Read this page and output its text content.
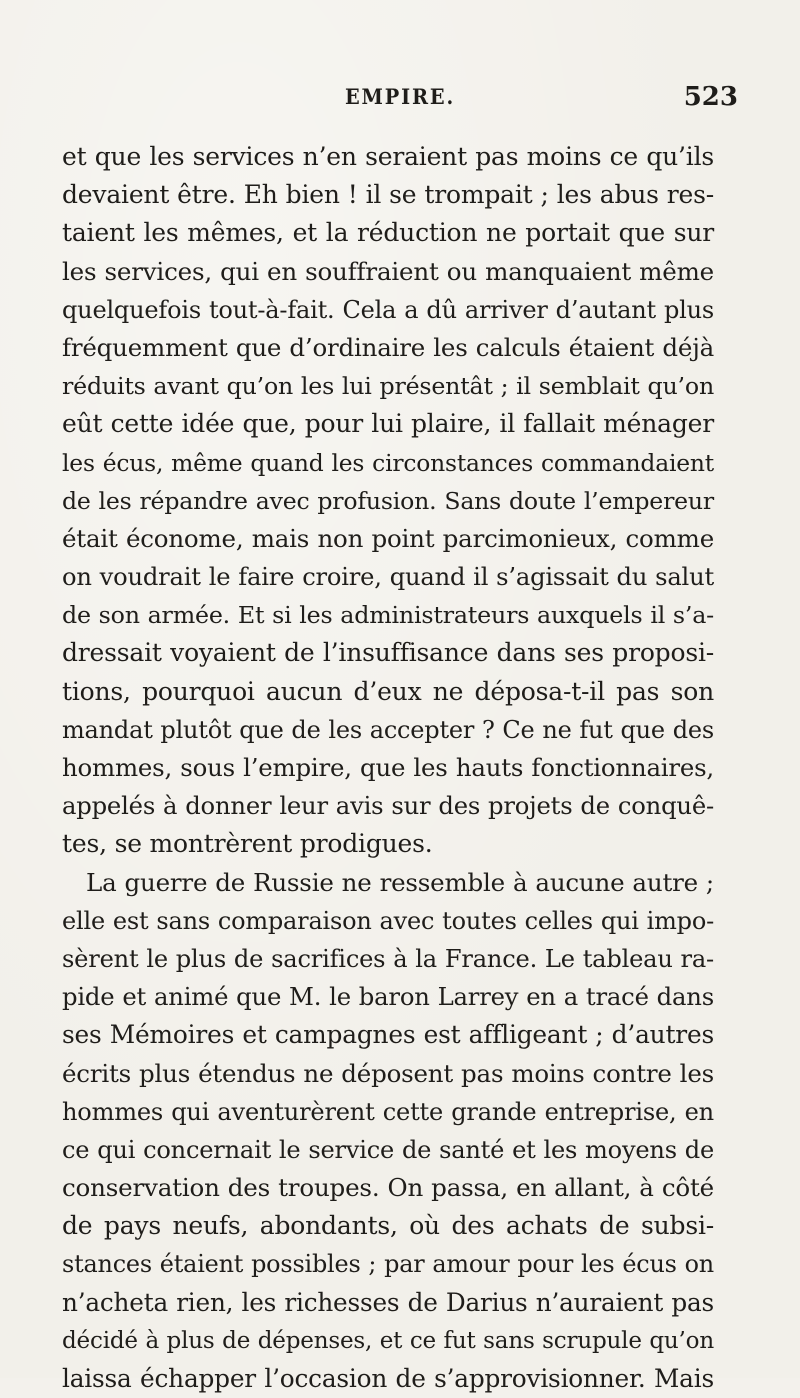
EMPIRE.	523
et que les services n’en seraient pas moins ce qu’ils
devaient être. Eh bien ! il se trompait ; les abus res-
taient les mêmes, et la réduction ne portait que sur
les services, qui en souffraient ou manquaient même
quelquefois tout-à-fait. Cela a dû arriver d’autant plus
fréquemment que d’ordinaire les calculs étaient déjà
réduits avant qu’on les lui présentât ; il semblait qu’on
eût cette idée que, pour lui plaire, il fallait ménager
les écus, même quand les circonstances commandaient
de les répandre avec profusion. Sans doute l’empereur
était économe, mais non point parcimonieux, comme
on voudrait le faire croire, quand il s’agissait du salut
de son armée. Et si les administrateurs auxquels il s’a-
dressait voyaient de l’insuffisance dans ses proposi-
tions, pourquoi aucun d’eux ne déposa-t-il pas son
mandat plutôt que de les accepter ? Ce ne fut que des
hommes, sous l’empire, que les hauts fonctionnaires,
appelés à donner leur avis sur des projets de conquê-
tes, se montrèrent prodigues.
La guerre de Russie ne ressemble à aucune autre ;
elle est sans comparaison avec toutes celles qui impo-
sèrent le plus de sacrifices à la France. Le tableau ra-
pide et animé que M. le baron Larrey en a tracé dans
ses Mémoires et campagnes est affligeant ; d’autres
écrits plus étendus ne déposent pas moins contre les
hommes qui aventurèrent cette grande entreprise, en
ce qui concernait le service de santé et les moyens de
conservation des troupes. On passa, en allant, à côté
de pays neufs, abondants, où des achats de subsi-
stances étaient possibles ; par amour pour les écus on
n’acheta rien, les richesses de Darius n’auraient pas
décidé à plus de dépenses, et ce fut sans scrupule qu’on
laissa échapper l’occasion de s’approvisionner. Mais
